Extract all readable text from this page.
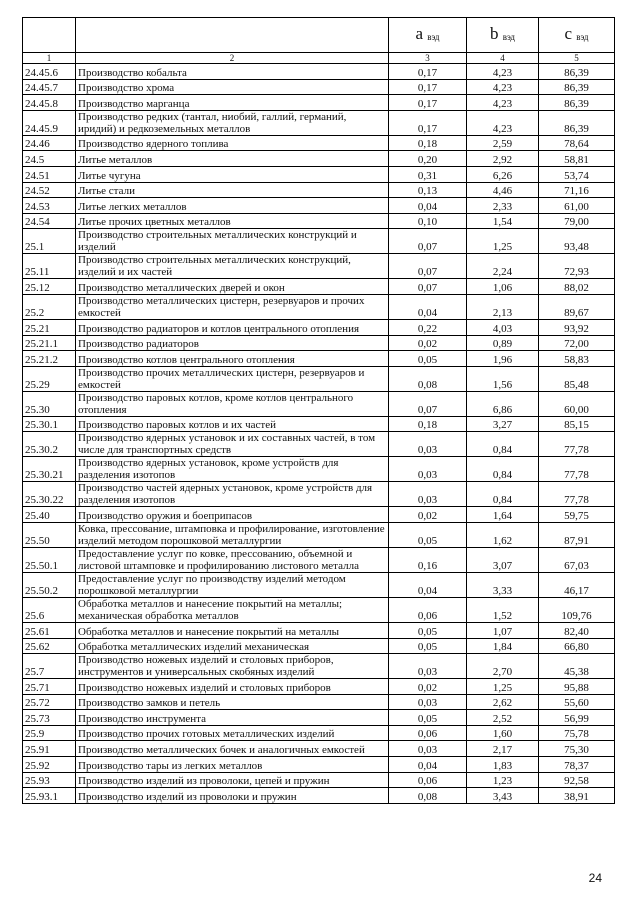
		a $_{вэд}$	b $_{вэд}$	c $_{вэд}$
1	2	3	4	5
24.45.6	Производство кобальта	0,17	4,23	86,39
24.45.7	Производство хрома	0,17	4,23	86,39
24.45.8	Производство марганца	0,17	4,23	86,39
24.45.9	Производство редких (тантал, ниобий, галлий, германий, иридий) и редкоземельных металлов	0,17	4,23	86,39
24.46	Производство ядерного топлива	0,18	2,59	78,64
24.5	Литье металлов	0,20	2,92	58,81
24.51	Литье чугуна	0,31	6,26	53,74
24.52	Литье стали	0,13	4,46	71,16
24.53	Литье легких металлов	0,04	2,33	61,00
24.54	Литье прочих цветных металлов	0,10	1,54	79,00
25.1	Производство строительных металлических конструкций и изделий	0,07	1,25	93,48
25.11	Производство строительных металлических конструкций, изделий и их частей	0,07	2,24	72,93
25.12	Производство металлических дверей и окон	0,07	1,06	88,02
25.2	Производство металлических цистерн, резервуаров и прочих емкостей	0,04	2,13	89,67
25.21	Производство радиаторов и котлов центрального отопления	0,22	4,03	93,92
25.21.1	Производство радиаторов	0,02	0,89	72,00
25.21.2	Производство котлов центрального отопления	0,05	1,96	58,83
25.29	Производство прочих металлических цистерн, резервуаров и емкостей	0,08	1,56	85,48
25.30	Производство паровых котлов, кроме котлов центрального отопления	0,07	6,86	60,00
25.30.1	Производство паровых котлов и их частей	0,18	3,27	85,15
25.30.2	Производство ядерных установок и их составных частей, в том числе для транспортных средств	0,03	0,84	77,78
25.30.21	Производство ядерных установок, кроме устройств для разделения изотопов	0,03	0,84	77,78
25.30.22	Производство частей ядерных установок, кроме устройств для разделения изотопов	0,03	0,84	77,78
25.40	Производство оружия и боеприпасов	0,02	1,64	59,75
25.50	Ковка, прессование, штамповка и профилирование, изготовление изделий методом порошковой металлургии	0,05	1,62	87,91
25.50.1	Предоставление услуг по ковке, прессованию, объемной и листовой штамповке и профилированию листового металла	0,16	3,07	67,03
25.50.2	Предоставление услуг по производству изделий методом порошковой металлургии	0,04	3,33	46,17
25.6	Обработка металлов и нанесение покрытий на металлы; механическая обработка металлов	0,06	1,52	109,76
25.61	Обработка металлов и нанесение покрытий на металлы	0,05	1,07	82,40
25.62	Обработка металлических изделий механическая	0,05	1,84	66,80
25.7	Производство ножевых изделий и столовых приборов, инструментов и универсальных скобяных изделий	0,03	2,70	45,38
25.71	Производство ножевых изделий и столовых приборов	0,02	1,25	95,88
25.72	Производство замков и петель	0,03	2,62	55,60
25.73	Производство инструмента	0,05	2,52	56,99
25.9	Производство прочих готовых металлических изделий	0,06	1,60	75,78
25.91	Производство металлических бочек и аналогичных емкостей	0,03	2,17	75,30
25.92	Производство тары из легких металлов	0,04	1,83	78,37
25.93	Производство изделий из проволоки, цепей и пружин	0,06	1,23	92,58
25.93.1	Производство изделий из проволоки и пружин	0,08	3,43	38,91
24
